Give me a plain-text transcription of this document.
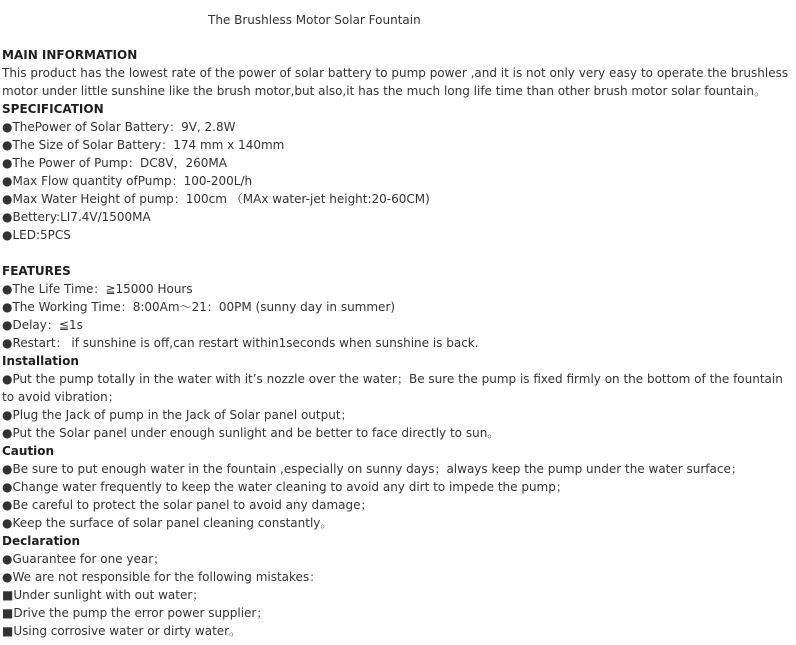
The Brushless Motor Solar Fountain
MAIN INFORMATION
This product has the lowest rate of the power of solar battery to pump power ,and it is not only very easy to operate the brushless motor under little sunshine like the brush motor,but also,it has the much long life time than other brush motor solar fountain。
SPECIFICATION
●ThePower of Solar Battery：9V, 2.8W
●The Size of Solar Battery：174 mm x 140mm
●The Power of Pump：DC8V，260MA
●Max Flow quantity ofPump：100-200L/h
●Max Water Height of pump：100cm （MAx water-jet height:20-60CM)
●Bettery:LI7.4V/1500MA
●LED:5PCS
FEATURES
●The Life Time：≧15000 Hours
●The Working Time：8:00Am～21：00PM (sunny day in summer)
●Delay：≦1s
●Restart： if sunshine is off,can restart within1seconds when sunshine is back.
Installation
●Put the pump totally in the water with it’s nozzle over the water；Be sure the pump is fixed firmly on the bottom of the fountain to avoid vibration；
●Plug the Jack of pump in the Jack of Solar panel output；
●Put the Solar panel under enough sunlight and be better to face directly to sun。
Caution
●Be sure to put enough water in the fountain ,especially on sunny days；always keep the pump under the water surface；
●Change water frequently to keep the water cleaning to avoid any dirt to impede the pump；
●Be careful to protect the solar panel to avoid any damage；
●Keep the surface of solar panel cleaning constantly。
Declaration
●Guarantee for one year；
●We are not responsible for the following mistakes：
■Under sunlight with out water；
■Drive the pump the error power supplier；
■Using corrosive water or dirty water。
